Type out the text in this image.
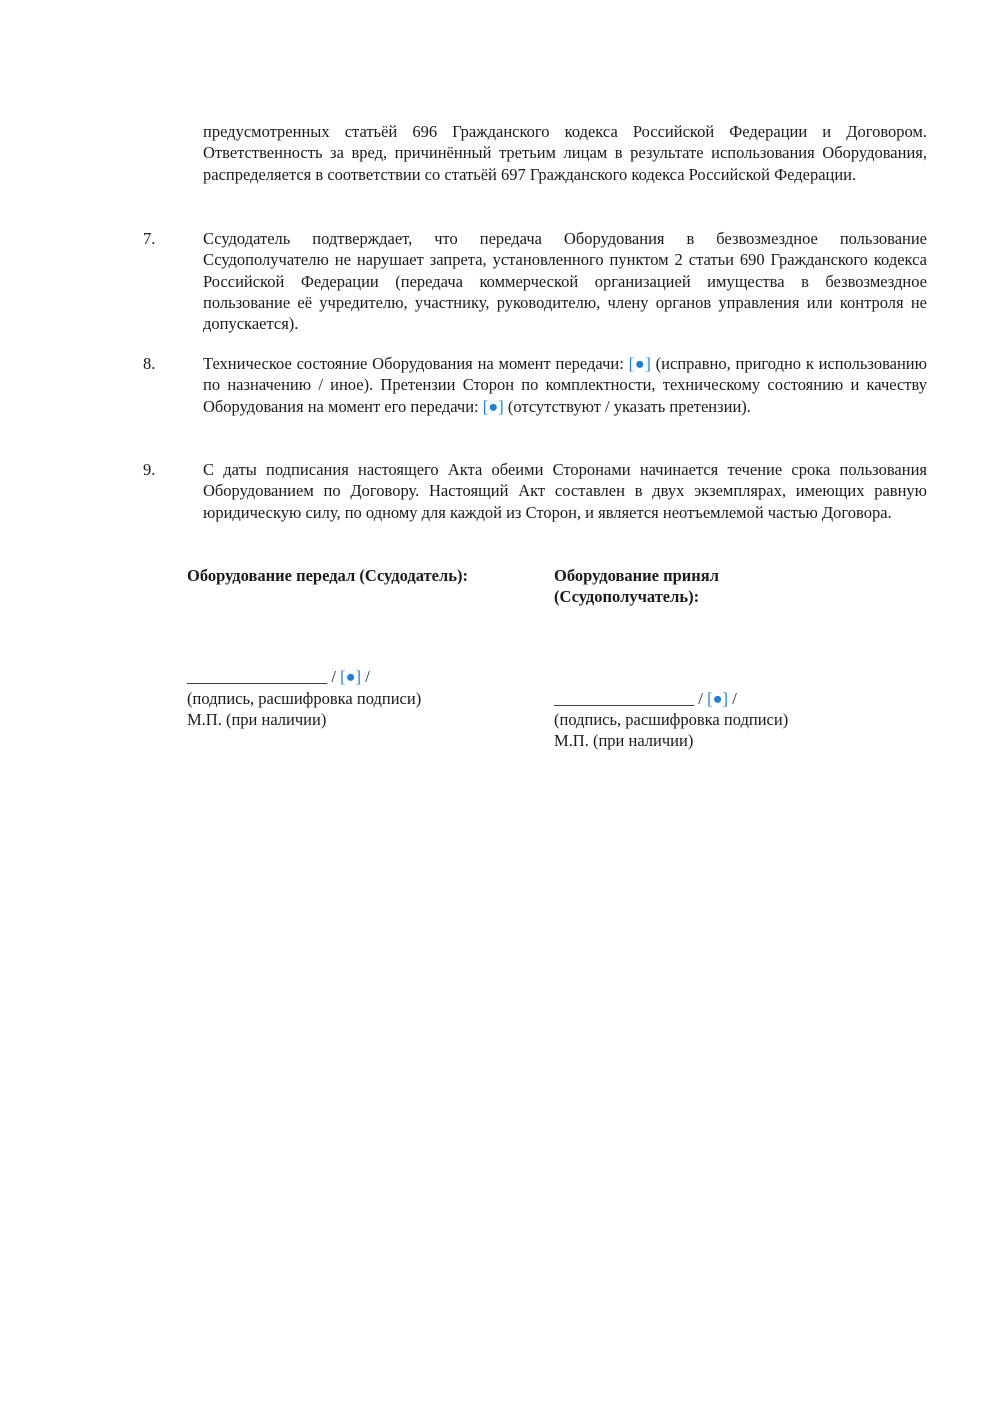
предусмотренных статьёй 696 Гражданского кодекса Российской Федерации и Договором. Ответственность за вред, причинённый третьим лицам в результате использования Оборудования, распределяется в соответствии со статьёй 697 Гражданского кодекса Российской Федерации.
7.	Ссудодатель подтверждает, что передача Оборудования в безвозмездное пользование Ссудополучателю не нарушает запрета, установленного пунктом 2 статьи 690 Гражданского кодекса Российской Федерации (передача коммерческой организацией имущества в безвозмездное пользование её учредителю, участнику, руководителю, члену органов управления или контроля не допускается).
8.	Техническое состояние Оборудования на момент передачи: [●] (исправно, пригодно к использованию по назначению / иное). Претензии Сторон по комплектности, техническому состоянию и качеству Оборудования на момент его передачи: [●] (отсутствуют / указать претензии).
9.	С даты подписания настоящего Акта обеими Сторонами начинается течение срока пользования Оборудованием по Договору. Настоящий Акт составлен в двух экземплярах, имеющих равную юридическую силу, по одному для каждой из Сторон, и является неотъемлемой частью Договора.
Оборудование передал (Ссудодатель):
_________________ / [●] /
(подпись, расшифровка подписи)
М.П. (при наличии)
Оборудование принял
(Ссудополучатель):
_________________ / [●] /
(подпись, расшифровка подписи)
М.П. (при наличии)
